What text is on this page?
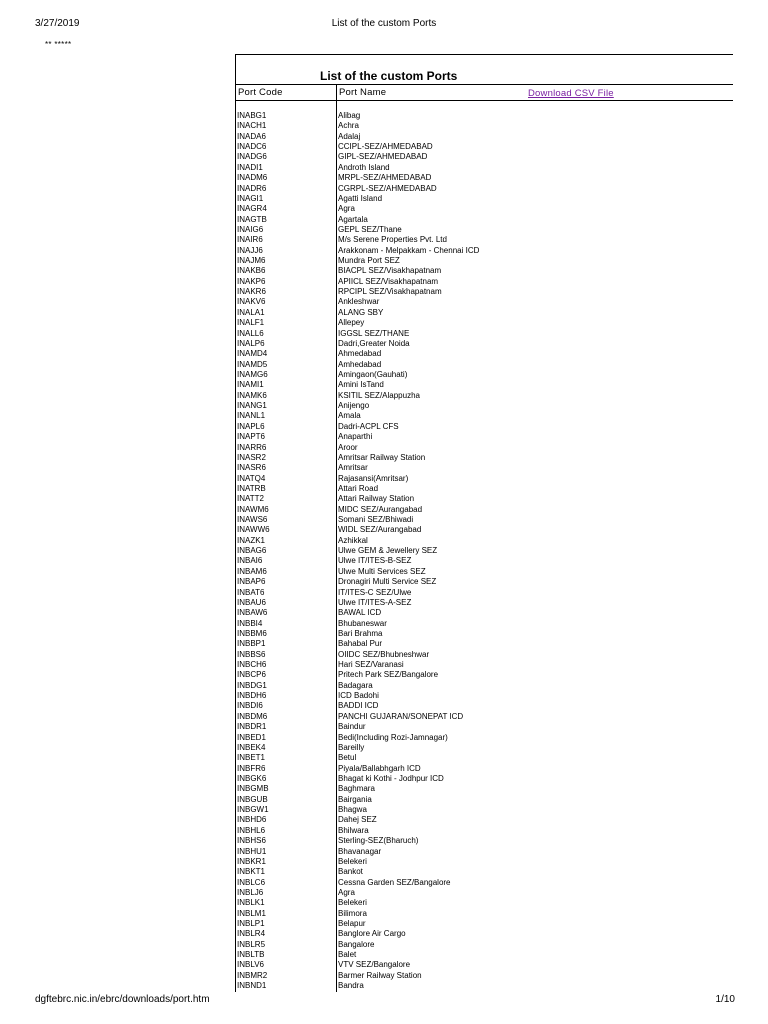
3/27/2019	List of the custom Ports
** *****
List of the custom Ports
Port Code	Port Name	Download CSV File
INABG1	Alibag
INACH1	Achra
INADA6	Adalaj
INADC6	CCIPL-SEZ/AHMEDABAD
INADG6	GIPL-SEZ/AHMEDABAD
INADI1	Androth Island
INADM6	MRPL-SEZ/AHMEDABAD
INADR6	CGRPL-SEZ/AHMEDABAD
INAGI1	Agatti Island
INAGR4	Agra
INAGTB	Agartala
INAIG6	GEPL SEZ/Thane
INAIR6	M/s Serene Properties Pvt. Ltd
INAJJ6	Arakkonam - Melpakkam - Chennai ICD
INAJM6	Mundra Port SEZ
INAKB6	BIACPL SEZ/Visakhapatnam
INAKP6	APIICL SEZ/Visakhapatnam
INAKR6	RPCIPL SEZ/Visakhapatnam
INAKV6	Ankleshwar
INALA1	ALANG SBY
INALF1	Allepey
INALL6	IGGSL SEZ/THANE
INALP6	Dadri,Greater Noida
INAMD4	Ahmedabad
INAMD5	Amhedabad
INAMG6	Amingaon(Gauhati)
INAMI1	Amini IsTand
INAMK6	KSITIL SEZ/Alappuzha
INANG1	Anijengo
INANL1	Amala
INAPL6	Dadri-ACPL CFS
INAPT6	Anaparthi
INARR6	Aroor
INASR2	Amritsar Railway Station
INASR6	Amritsar
INATQ4	Rajasansi(Amritsar)
INATRB	Attari Road
INATT2	Attari Railway Station
INAWM6	MIDC SEZ/Aurangabad
INAWS6	Somani SEZ/Bhiwadi
INAWW6	WIDL SEZ/Aurangabad
INAZK1	Azhikkal
INBAG6	Ulwe GEM & Jewellery SEZ
INBAI6	Ulwe IT/ITES-B-SEZ
INBAM6	Ulwe Multi Services SEZ
INBAP6	Dronagiri Multi Service SEZ
INBAT6	IT/ITES-C SEZ/Ulwe
INBAU6	Ulwe IT/ITES-A-SEZ
INBAW6	BAWAL ICD
INBBI4	Bhubaneswar
INBBM6	Bari Brahma
INBBP1	Bahabal Pur
INBBS6	OIIDC SEZ/Bhubneshwar
INBCH6	Hari SEZ/Varanasi
INBCP6	Pritech Park SEZ/Bangalore
INBDG1	Badagara
INBDH6	ICD Badohi
INBDI6	BADDI ICD
INBDM6	PANCHI GUJARAN/SONEPAT ICD
INBDR1	Baindur
INBED1	Bedi(Including Rozi-Jamnagar)
INBEK4	Bareilly
INBET1	Betul
INBFR6	Piyala/Ballabhgarh ICD
INBGK6	Bhagat ki Kothi - Jodhpur ICD
INBGMB	Baghmara
INBGUB	Bairgania
INBGW1	Bhagwa
INBHD6	Dahej SEZ
INBHL6	Bhilwara
INBHS6	Sterling-SEZ(Bharuch)
INBHU1	Bhavanagar
INBKR1	Belekeri
INBKT1	Bankot
INBLC6	Cessna Garden SEZ/Bangalore
INBLJ6	Agra
INBLK1	Belekeri
INBLM1	Bilimora
INBLP1	Belapur
INBLR4	Banglore Air Cargo
INBLR5	Bangalore
INBLTB	Balet
INBLV6	VTV SEZ/Bangalore
INBMR2	Barmer Railway Station
INBND1	Bandra
dgftebrc.nic.in/ebrc/downloads/port.htm	1/10
